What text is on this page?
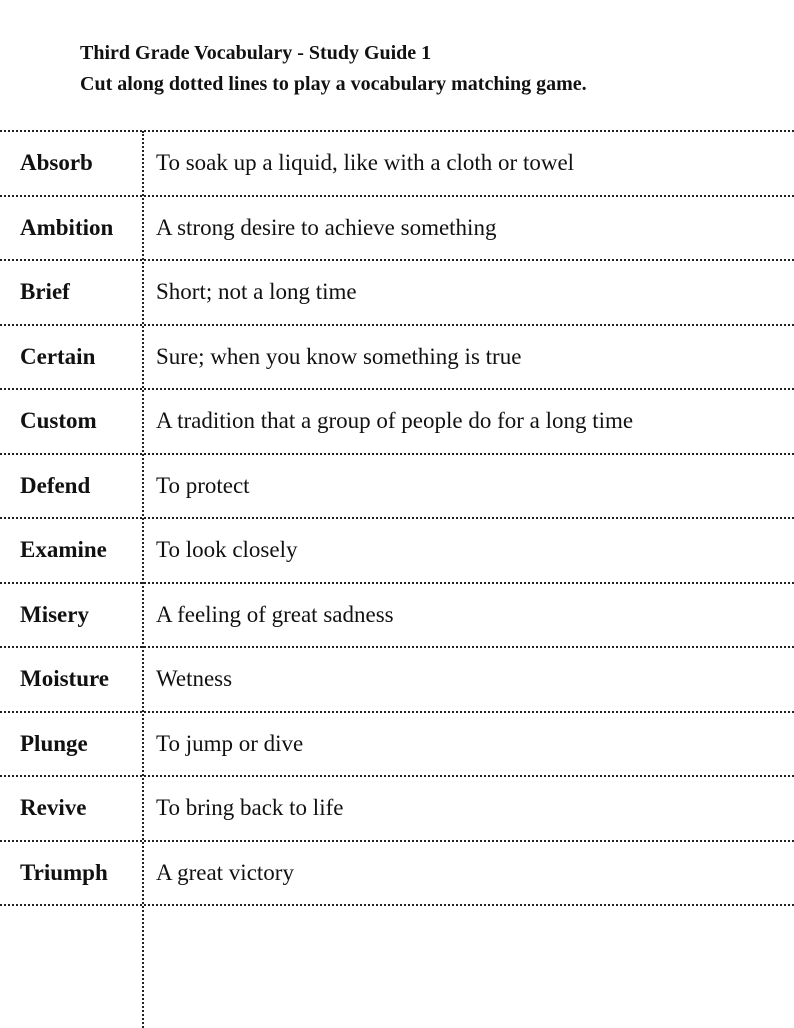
Third Grade Vocabulary - Study Guide 1
Cut along dotted lines to play a vocabulary matching game.
Absorb	To soak up a liquid, like with a cloth or towel
Ambition	A strong desire to achieve something
Brief	Short; not a long time
Certain	Sure; when you know something is true
Custom	A tradition that a group of people do for a long time
Defend	To protect
Examine	To look closely
Misery	A feeling of great sadness
Moisture	Wetness
Plunge	To jump or dive
Revive	To bring back to life
Triumph	A great victory
